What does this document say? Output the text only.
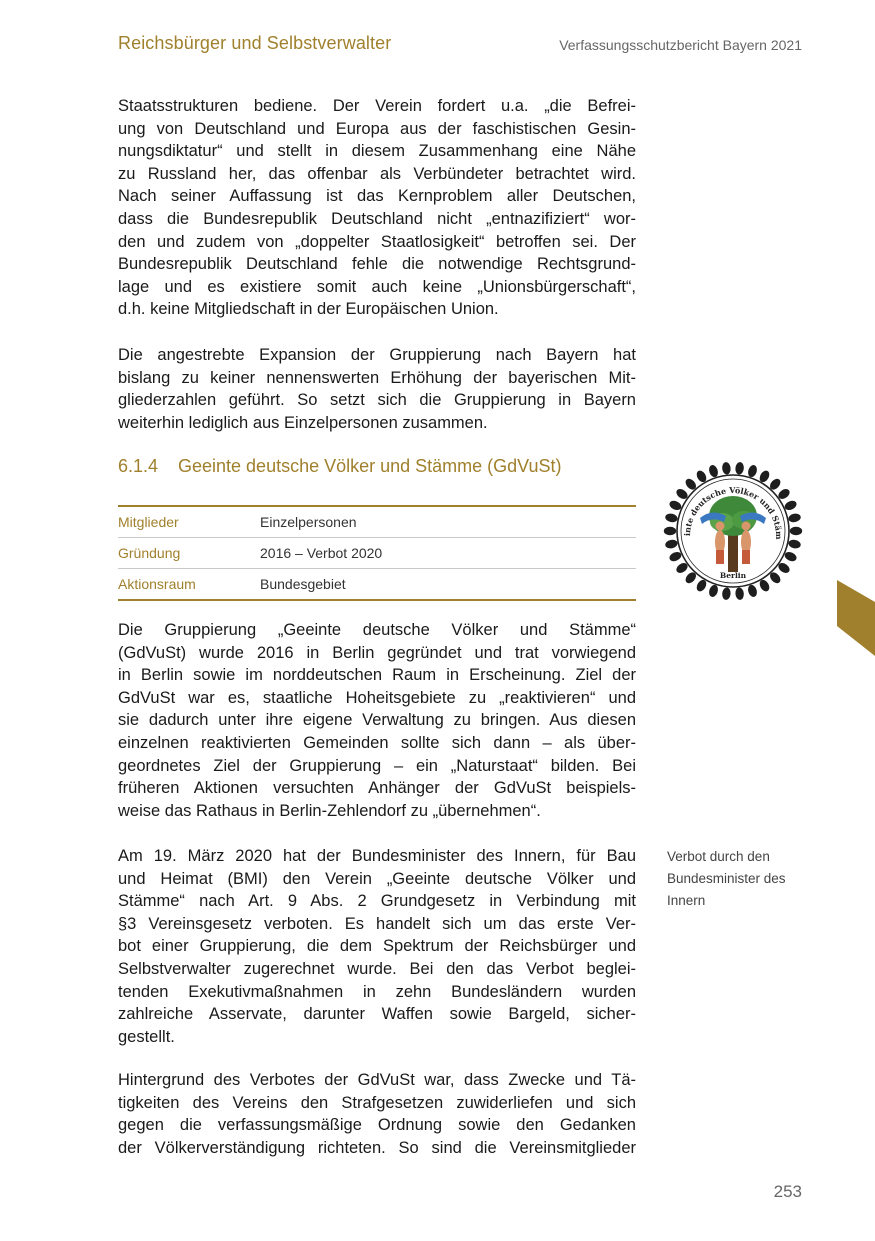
Reichsbürger und Selbstverwalter	Verfassungsschutzbericht Bayern 2021
Staatsstrukturen bediene. Der Verein fordert u.a. „die Befrei-
ung von Deutschland und Europa aus der faschistischen Gesin-
nungsdiktatur“ und stellt in diesem Zusammenhang eine Nähe
zu Russland her, das offenbar als Verbündeter betrachtet wird.
Nach seiner Auffassung ist das Kernproblem aller Deutschen,
dass die Bundesrepublik Deutschland nicht „entnazifiziert“ wor-
den und zudem von „doppelter Staatlosigkeit“ betroffen sei. Der
Bundesrepublik Deutschland fehle die notwendige Rechtsgrund-
lage und es existiere somit auch keine „Unionsbürgerschaft“,
d.h. keine Mitgliedschaft in der Europäischen Union.
Die angestrebte Expansion der Gruppierung nach Bayern hat
bislang zu keiner nennenswerten Erhöhung der bayerischen Mit-
gliederzahlen geführt. So setzt sich die Gruppierung in Bayern
weiterhin lediglich aus Einzelpersonen zusammen.
6.1.4 Geeinte deutsche Völker und Stämme (GdVuSt)
Mitglieder	Einzelpersonen
Gründung	2016 – Verbot 2020
Aktionsraum	Bundesgebiet
inte deutsche Völker und Stäm
Berlin
Die Gruppierung „Geeinte deutsche Völker und Stämme“
(GdVuSt) wurde 2016 in Berlin gegründet und trat vorwiegend
in Berlin sowie im norddeutschen Raum in Erscheinung. Ziel der
GdVuSt war es, staatliche Hoheitsgebiete zu „reaktivieren“ und
sie dadurch unter ihre eigene Verwaltung zu bringen. Aus diesen
einzelnen reaktivierten Gemeinden sollte sich dann – als über-
geordnetes Ziel der Gruppierung – ein „Naturstaat“ bilden. Bei
früheren Aktionen versuchten Anhänger der GdVuSt beispiels-
weise das Rathaus in Berlin-Zehlendorf zu „übernehmen“.
Am 19. März 2020 hat der Bundesminister des Innern, für Bau
und Heimat (BMI) den Verein „Geeinte deutsche Völker und
Stämme“ nach Art. 9 Abs. 2 Grundgesetz in Verbindung mit
§3 Vereinsgesetz verboten. Es handelt sich um das erste Ver-
bot einer Gruppierung, die dem Spektrum der Reichsbürger und
Selbstverwalter zugerechnet wurde. Bei den das Verbot beglei-
tenden Exekutivmaßnahmen in zehn Bundesländern wurden
zahlreiche Asservate, darunter Waffen sowie Bargeld, sicher-
gestellt.
Verbot durch den
Bundesminister des
Innern
Hintergrund des Verbotes der GdVuSt war, dass Zwecke und Tä-
tigkeiten des Vereins den Strafgesetzen zuwiderliefen und sich
gegen die verfassungsmäßige Ordnung sowie den Gedanken
der Völkerverständigung richteten. So sind die Vereinsmitglieder
253
